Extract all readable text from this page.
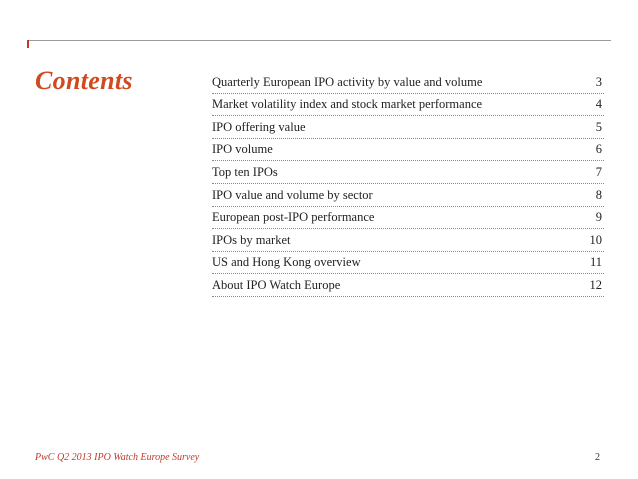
Contents	Quarterly European IPO activity by value and volume	3
Market volatility index and stock market performance	4
IPO offering value	5
IPO volume	6
Top ten IPOs	7
IPO value and volume by sector	8
European post-IPO performance	9
IPOs by market	10
US and Hong Kong overview	11
About IPO Watch Europe	12
PwC Q2 2013 IPO Watch Europe Survey	2
